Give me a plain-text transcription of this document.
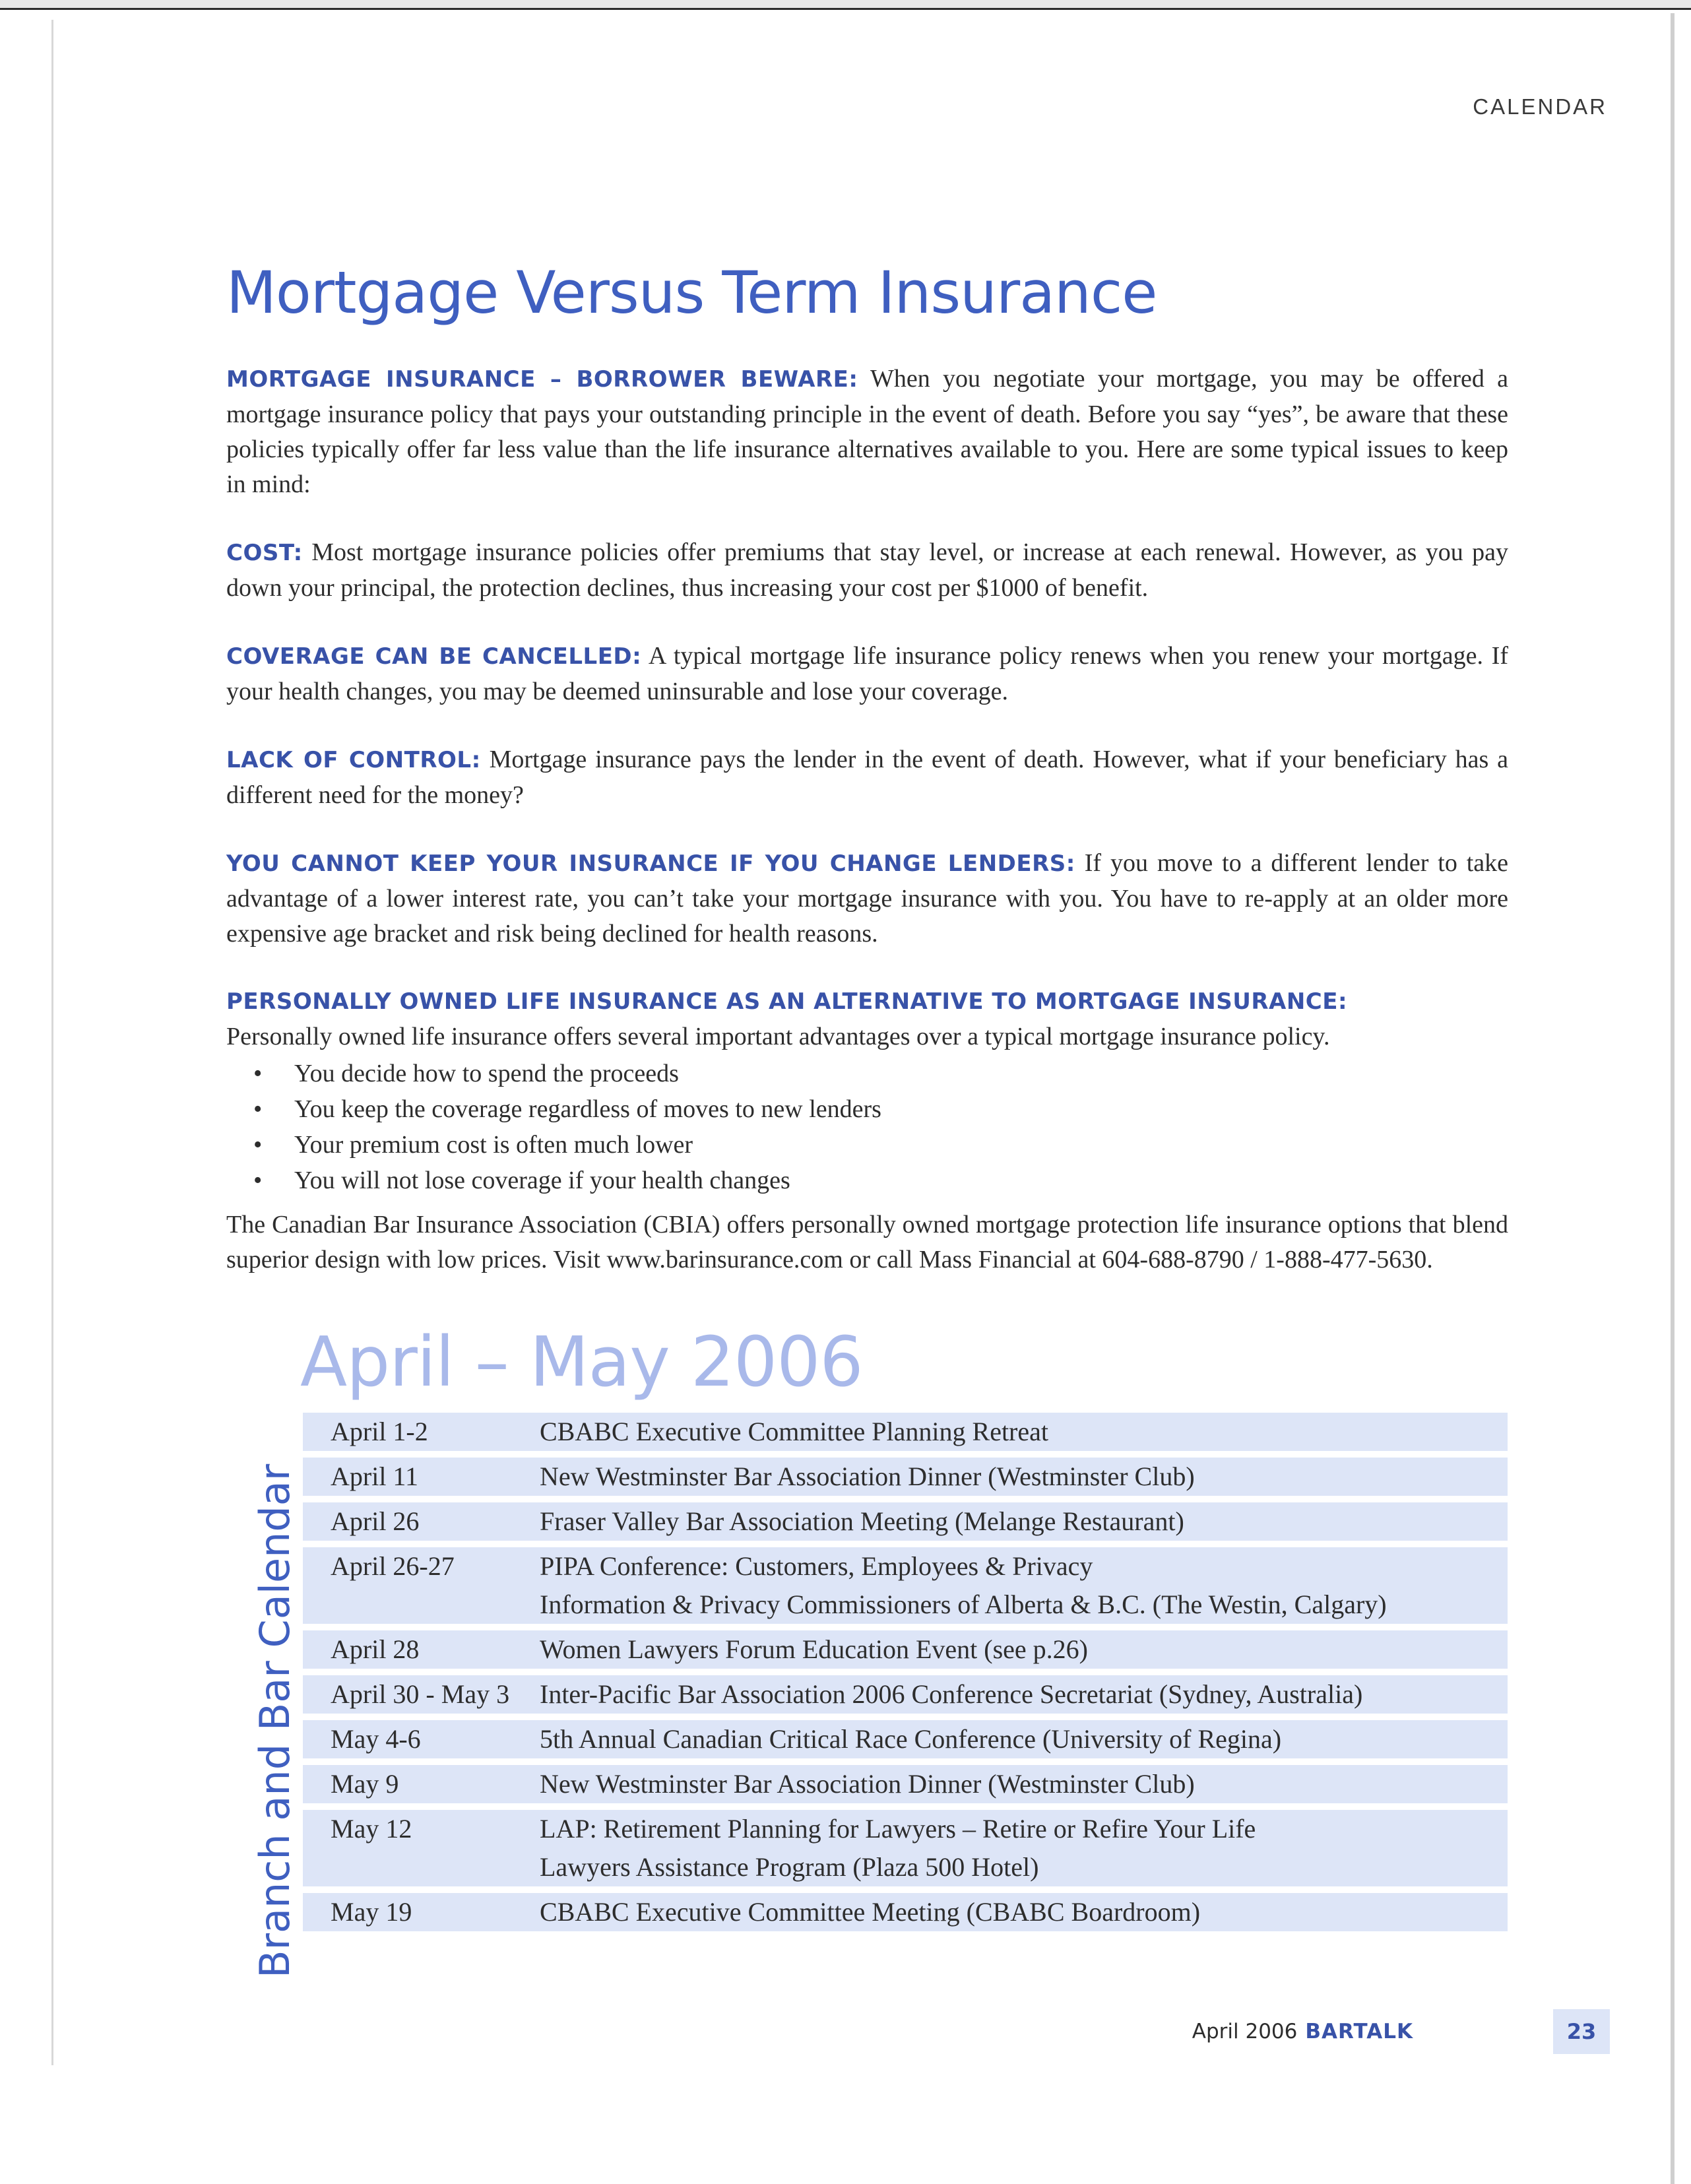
CALENDAR
Mortgage Versus Term Insurance

MORTGAGE INSURANCE – BORROWER BEWARE: When you negotiate your mortgage, you may be offered a mortgage insurance policy that pays your outstanding principle in the event of death. Before you say “yes”, be aware that these policies typically offer far less value than the life insurance alternatives available to you. Here are some typical issues to keep in mind:

COST: Most mortgage insurance policies offer premiums that stay level, or increase at each renewal. However, as you pay down your principal, the protection declines, thus increasing your cost per $1000 of benefit.

COVERAGE CAN BE CANCELLED: A typical mortgage life insurance policy renews when you renew your mortgage. If your health changes, you may be deemed uninsurable and lose your coverage.

LACK OF CONTROL: Mortgage insurance pays the lender in the event of death. However, what if your beneficiary has a different need for the money?

YOU CANNOT KEEP YOUR INSURANCE IF YOU CHANGE LENDERS: If you move to a different lender to take advantage of a lower interest rate, you can’t take your mortgage insurance with you. You have to re-apply at an older more expensive age bracket and risk being declined for health reasons.

PERSONALLY OWNED LIFE INSURANCE AS AN ALTERNATIVE TO MORTGAGE INSURANCE:

Personally owned life insurance offers several important advantages over a typical mortgage insurance policy.

• You decide how to spend the proceeds
• You keep the coverage regardless of moves to new lenders
• Your premium cost is often much lower
• You will not lose coverage if your health changes

The Canadian Bar Insurance Association (CBIA) offers personally owned mortgage protection life insurance options that blend superior design with low prices. Visit www.barinsurance.com or call Mass Financial at 604-688-8790 / 1-888-477-5630.

April – May 2006
Branch and Bar Calendar
April 1-2	CBABC Executive Committee Planning Retreat
April 11	New Westminster Bar Association Dinner (Westminster Club)
April 26	Fraser Valley Bar Association Meeting (Melange Restaurant)
April 26-27	PIPA Conference: Customers, Employees & Privacy
Information & Privacy Commissioners of Alberta & B.C. (The Westin, Calgary)
April 28	Women Lawyers Forum Education Event (see p.26)
April 30 - May 3	Inter-Pacific Bar Association 2006 Conference Secretariat (Sydney, Australia)
May 4-6	5th Annual Canadian Critical Race Conference (University of Regina)
May 9	New Westminster Bar Association Dinner (Westminster Club)
May 12	LAP: Retirement Planning for Lawyers – Retire or Refire Your Life
Lawyers Assistance Program (Plaza 500 Hotel)
May 19	CBABC Executive Committee Meeting (CBABC Boardroom)
April 2006 BARTALK	23
